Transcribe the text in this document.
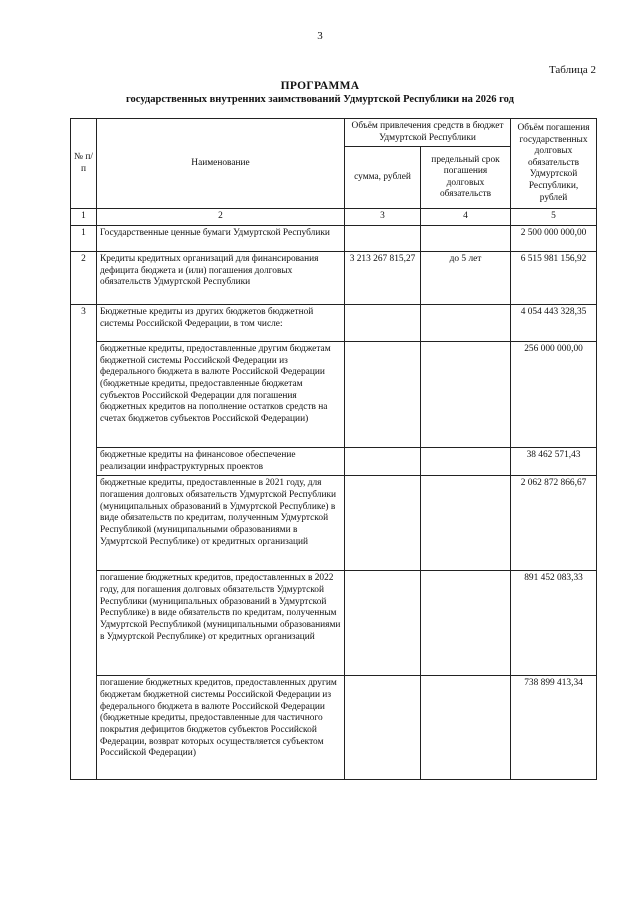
3
Таблица 2
ПРОГРАММА
государственных внутренних заимствований Удмуртской Республики на 2026 год
№ п/п	Наименование	Объём привлечения средств в бюджет Удмуртской Республики		Объём погашения государственных долговых обязательств Удмуртской Республики, рублей
		сумма, рублей	предельный срок погашения долговых обязательств	
1	2	3	4	5
1	Государственные ценные бумаги Удмуртской Республики			2 500 000 000,00
2	Кредиты кредитных организаций для финансирования дефицита бюджета и (или) погашения долговых обязательств Удмуртской Республики	3 213 267 815,27	до 5 лет	6 515 981 156,92
3	Бюджетные кредиты из других бюджетов бюджетной системы Российской Федерации, в том числе:			4 054 443 328,35
	бюджетные кредиты, предоставленные другим бюджетам бюджетной системы Российской Федерации из федерального бюджета в валюте Российской Федерации (бюджетные кредиты, предоставленные бюджетам субъектов Российской Федерации для погашения бюджетных кредитов на пополнение остатков средств на счетах бюджетов субъектов Российской Федерации)			256 000 000,00
	бюджетные кредиты на финансовое обеспечение реализации инфраструктурных проектов			38 462 571,43
	бюджетные кредиты, предоставленные в 2021 году, для погашения долговых обязательств Удмуртской Республики (муниципальных образований в Удмуртской Республике) в виде обязательств по кредитам, полученным Удмуртской Республикой (муниципальными образованиями в Удмуртской Республике) от кредитных организаций			2 062 872 866,67
	погашение бюджетных кредитов, предоставленных в 2022 году, для погашения долговых обязательств Удмуртской Республики (муниципальных образований в Удмуртской Республике) в виде обязательств по кредитам, полученным Удмуртской Республикой (муниципальными образованиями в Удмуртской Республике) от кредитных организаций			891 452 083,33
	погашение бюджетных кредитов, предоставленных другим бюджетам бюджетной системы Российской Федерации из федерального бюджета в валюте Российской Федерации (бюджетные кредиты, предоставленные для частичного покрытия дефицитов бюджетов субъектов Российской Федерации, возврат которых осуществляется субъектом Российской Федерации)			738 899 413,34
